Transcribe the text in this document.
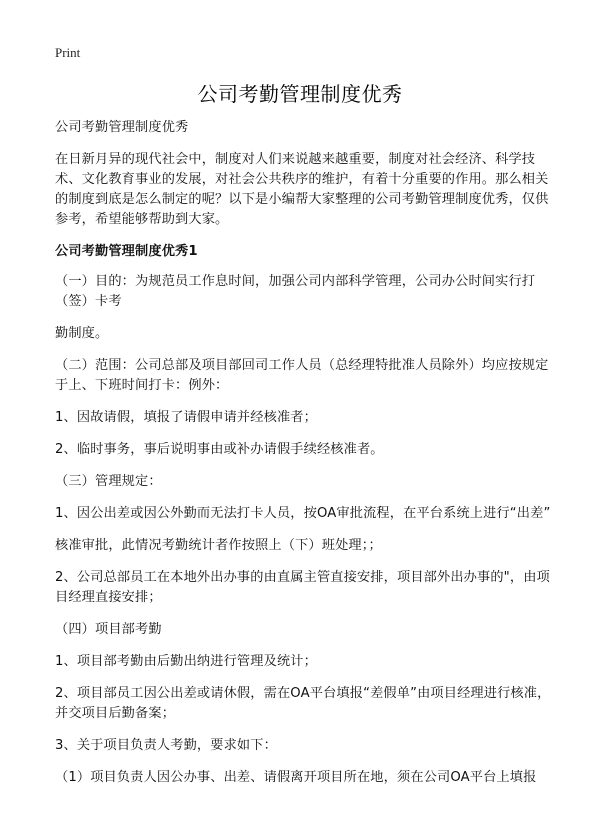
Print
公司考勤管理制度优秀

公司考勤管理制度优秀

在日新月异的现代社会中，制度对人们来说越来越重要，制度对社会经济、科学技术、文化教育事业的发展，对社会公共秩序的维护，有着十分重要的作用。那么相关的制度到底是怎么制定的呢？以下是小编帮大家整理的公司考勤管理制度优秀，仅供参考，希望能够帮助到大家。

公司考勤管理制度优秀1

（一）目的：为规范员工作息时间，加强公司内部科学管理，公司办公时间实行打（签）卡考

勤制度。

（二）范围：公司总部及项目部回司工作人员（总经理特批准人员除外）均应按规定于上、下班时间打卡：例外：

1、因故请假，填报了请假申请并经核准者；

2、临时事务，事后说明事由或补办请假手续经核准者。

（三）管理规定：

1、因公出差或因公外勤而无法打卡人员，按OA审批流程，在平台系统上进行“出差”

核准审批，此情况考勤统计者作按照上（下）班处理；；

2、公司总部员工在本地外出办事的由直属主管直接安排，项目部外出办事的"，由项目经理直接安排；

（四）项目部考勤

1、项目部考勤由后勤出纳进行管理及统计；

2、项目部员工因公出差或请休假，需在OA平台填报“差假单”由项目经理进行核准，并交项目后勤备案；

3、关于项目负责人考勤，要求如下：

（1）项目负责人因公办事、出差、请假离开项目所在地，须在公司OA平台上填报
